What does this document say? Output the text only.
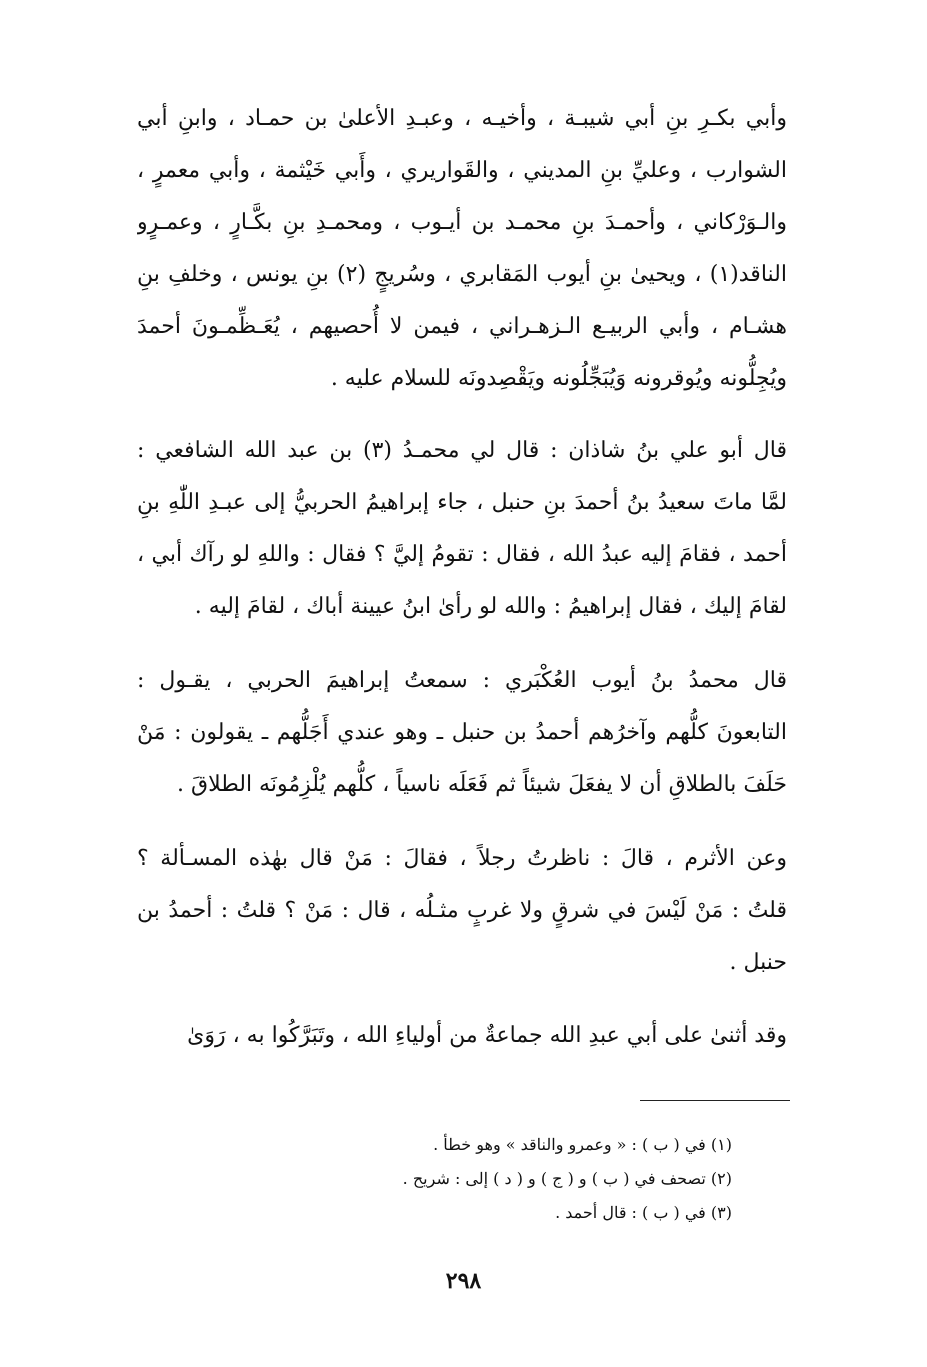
وأبي بكـرِ بنِ أبي شيبـة ، وأخيـه ، وعبـدِ الأعلىٰ بن حمـاد ، وابنِ أبي
الشوارب ، وعليِّ بنِ المديني ، والقَواريري ، وأَبي خَيْثمة ، وأبي معمرٍ ،
والـوَرْكاني ، وأحمـدَ بنِ محمـد بن أيـوب ، ومحمـدِ بنِ بكَّـارٍ ، وعمـرٍو
الناقد(١) ، ويحيىٰ بنِ أيوب المَقابري ، وسُريجٍ (٢) بنِ يونس ، وخلفِ بنِ
هشـام ، وأبي الربيـع الـزهـراني ، فيمن لا أُحصيهم ، يُعَـظِّمـونَ أحمدَ
ويُجِلُّونه ويُوقرونه وَيُبَجِّلُونه ويَقْصِدونَه للسلام عليه .
قال أبو علي بنُ شاذان : قال لي محمـدُ (٣) بن عبد الله الشافعي :
لمَّا ماتَ سعيدُ بنُ أحمدَ بنِ حنبل ، جاء إبراهيمُ الحربيُّ إلى عبـدِ اللّٰهِ بنِ
أحمد ، فقامَ إليه عبدُ الله ، فقال : تقومُ إليَّ ؟ فقال : واللهِ لو رآك أبي ،
لقامَ إليك ، فقال إبراهيمُ : والله لو رأىٰ ابنُ عيينة أباك ، لقامَ إليه .
قال محمدُ بنُ أيوب العُكْبَري : سمعتُ إبراهيمَ الحربي ، يقـول :
التابعونَ كلُّهم وآخرُهم أحمدُ بن حنبل ـ وهو عندي أَجَلُّهم ـ يقولون : مَنْ
حَلَفَ بالطلاقِ أن لا يفعَلَ شيئاً ثم فَعَلَه ناسياً ، كلُّهم يُلْزِمُونَه الطلاقَ .
وعن الأثرم ، قالَ : ناظرتُ رجلاً ، فقالَ : مَنْ قال بهٰذه المسـألة ؟
قلتُ : مَنْ لَيْسَ في شرقٍ ولا غربٍ مثـلُه ، قال : مَنْ ؟ قلتُ : أحمدُ بن
حنبل .
وقد أثنىٰ على أبي عبدِ الله جماعةٌ من أولياءِ الله ، وتَبَرَّكُوا به ، رَوَىٰ
(١) في ( ب ) : « وعمرو والناقد » وهو خطأ .
(٢) تصحف في ( ب ) و ( ج ) و ( د ) إلى : شريح .
(٣) في ( ب ) : قال أحمد .
٢٩٨
